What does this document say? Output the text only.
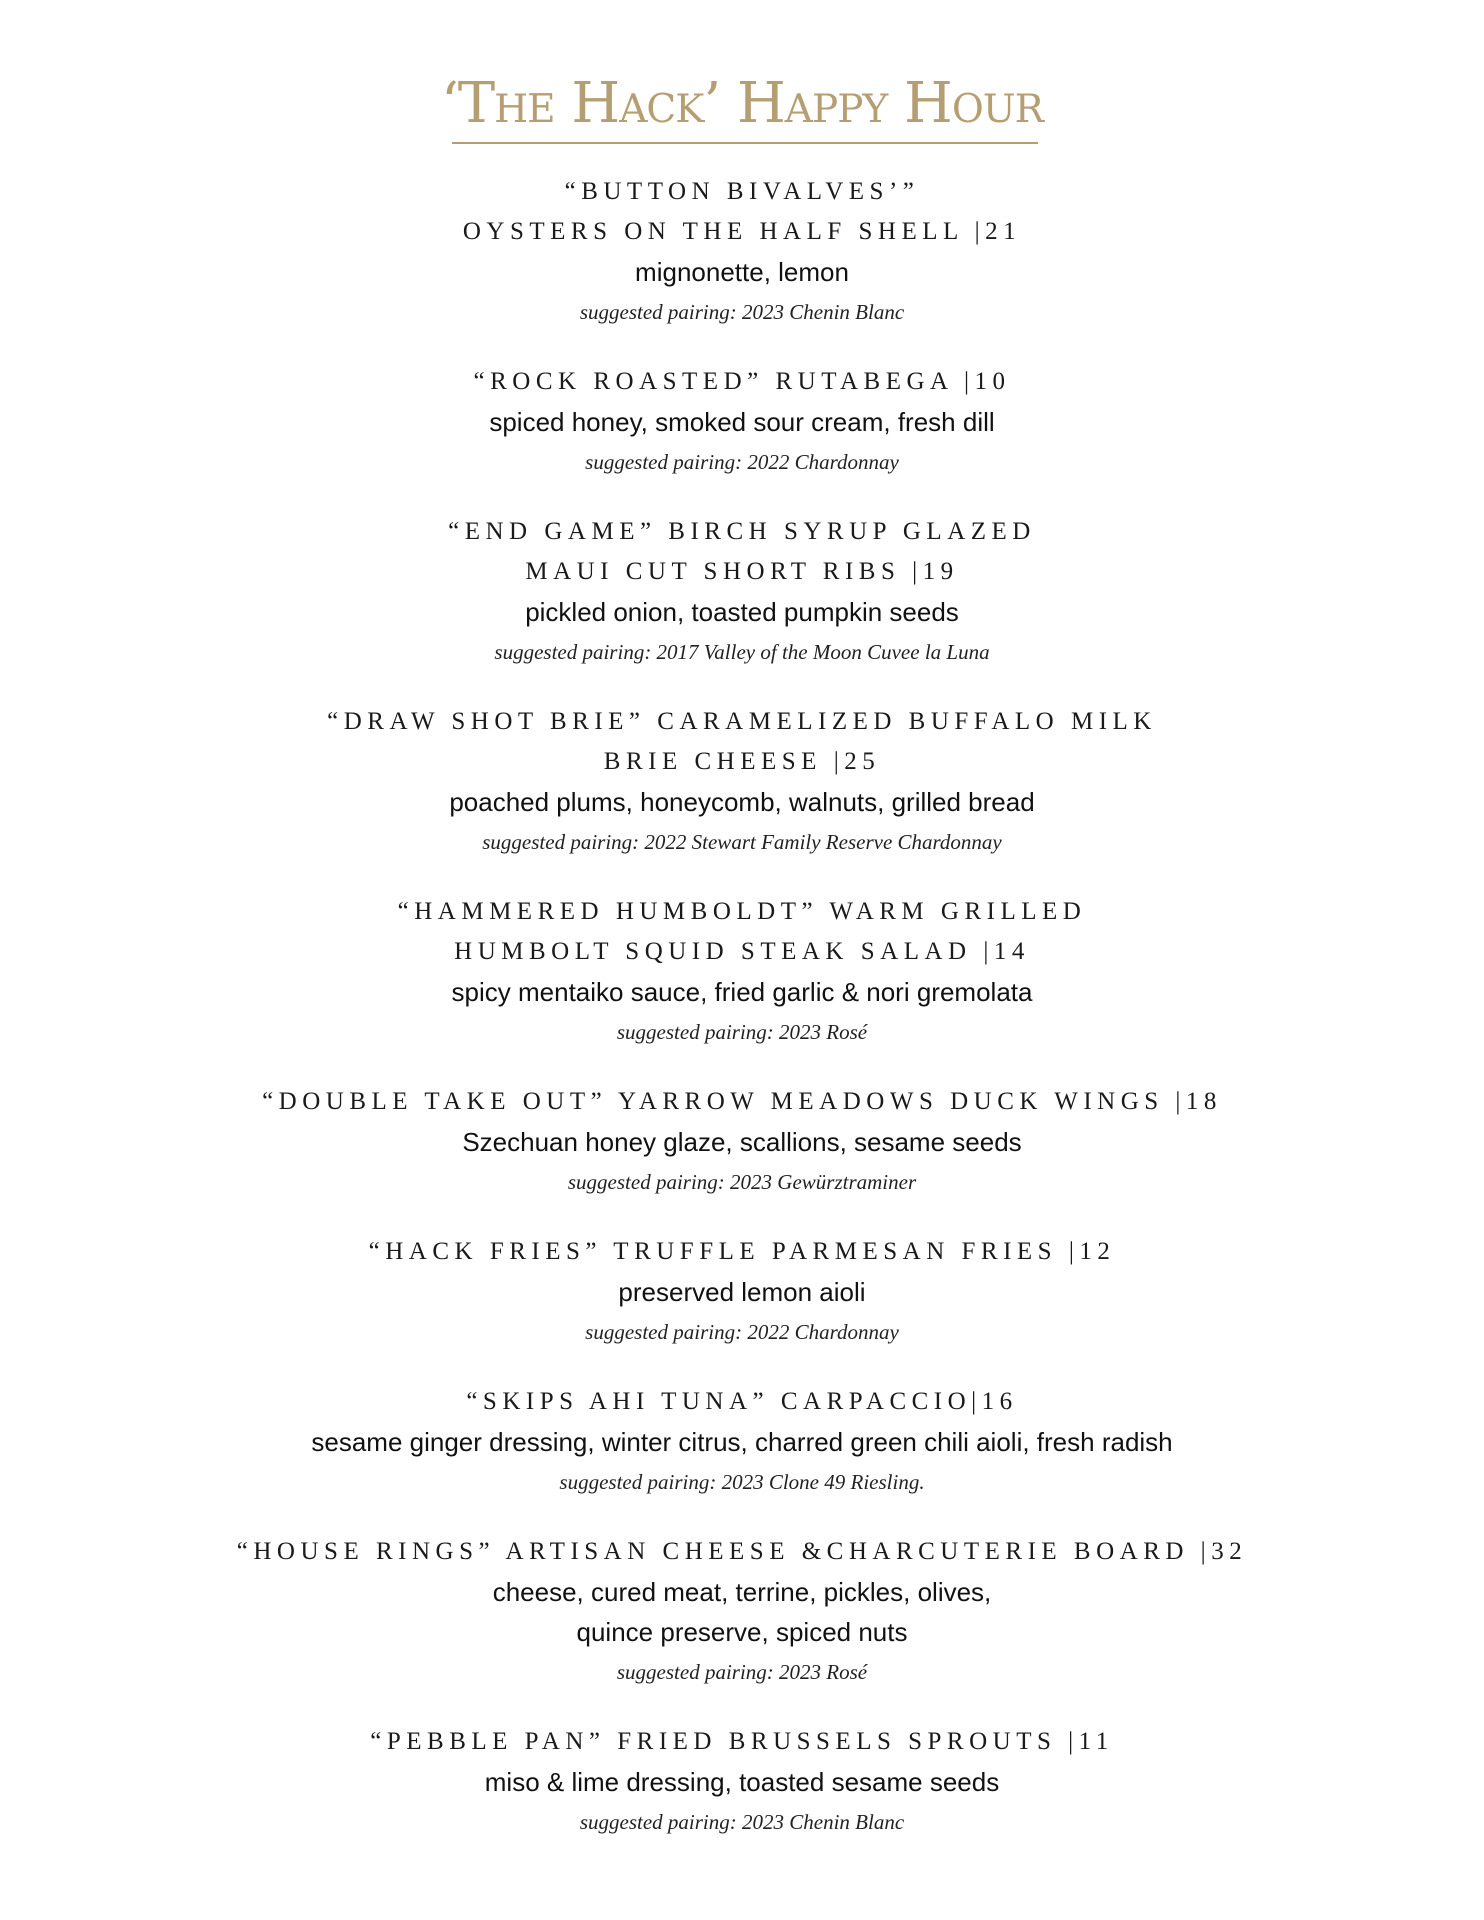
‘The Hack’ Happy Hour
“BUTTON BIVALVES’”
OYSTERS ON THE HALF SHELL |21
mignonette, lemon
suggested pairing: 2023 Chenin Blanc
“ROCK ROASTED” RUTABEGA |10
spiced honey, smoked sour cream, fresh dill
suggested pairing: 2022 Chardonnay
“END GAME” BIRCH SYRUP GLAZED
MAUI CUT SHORT RIBS |19
pickled onion, toasted pumpkin seeds
suggested pairing: 2017 Valley of the Moon Cuvee la Luna
“DRAW SHOT BRIE” CARAMELIZED BUFFALO MILK
BRIE CHEESE |25
poached plums, honeycomb, walnuts, grilled bread
suggested pairing: 2022 Stewart Family Reserve Chardonnay
“HAMMERED HUMBOLDT” WARM GRILLED
HUMBOLT SQUID STEAK SALAD |14
spicy mentaiko sauce, fried garlic & nori gremolata
suggested pairing: 2023 Rosé
“DOUBLE TAKE OUT” YARROW MEADOWS DUCK WINGS |18
Szechuan honey glaze, scallions, sesame seeds
suggested pairing: 2023 Gewürztraminer
“HACK FRIES” TRUFFLE PARMESAN FRIES |12
preserved lemon aioli
suggested pairing: 2022 Chardonnay
“SKIPS AHI TUNA” CARPACCIO|16
sesame ginger dressing, winter citrus, charred green chili aioli, fresh radish
suggested pairing: 2023 Clone 49 Riesling.
“HOUSE RINGS” ARTISAN CHEESE &CHARCUTERIE BOARD |32
cheese, cured meat, terrine, pickles, olives,
quince preserve, spiced nuts
suggested pairing: 2023 Rosé
“PEBBLE PAN” FRIED BRUSSELS SPROUTS |11
miso & lime dressing, toasted sesame seeds
suggested pairing: 2023 Chenin Blanc
